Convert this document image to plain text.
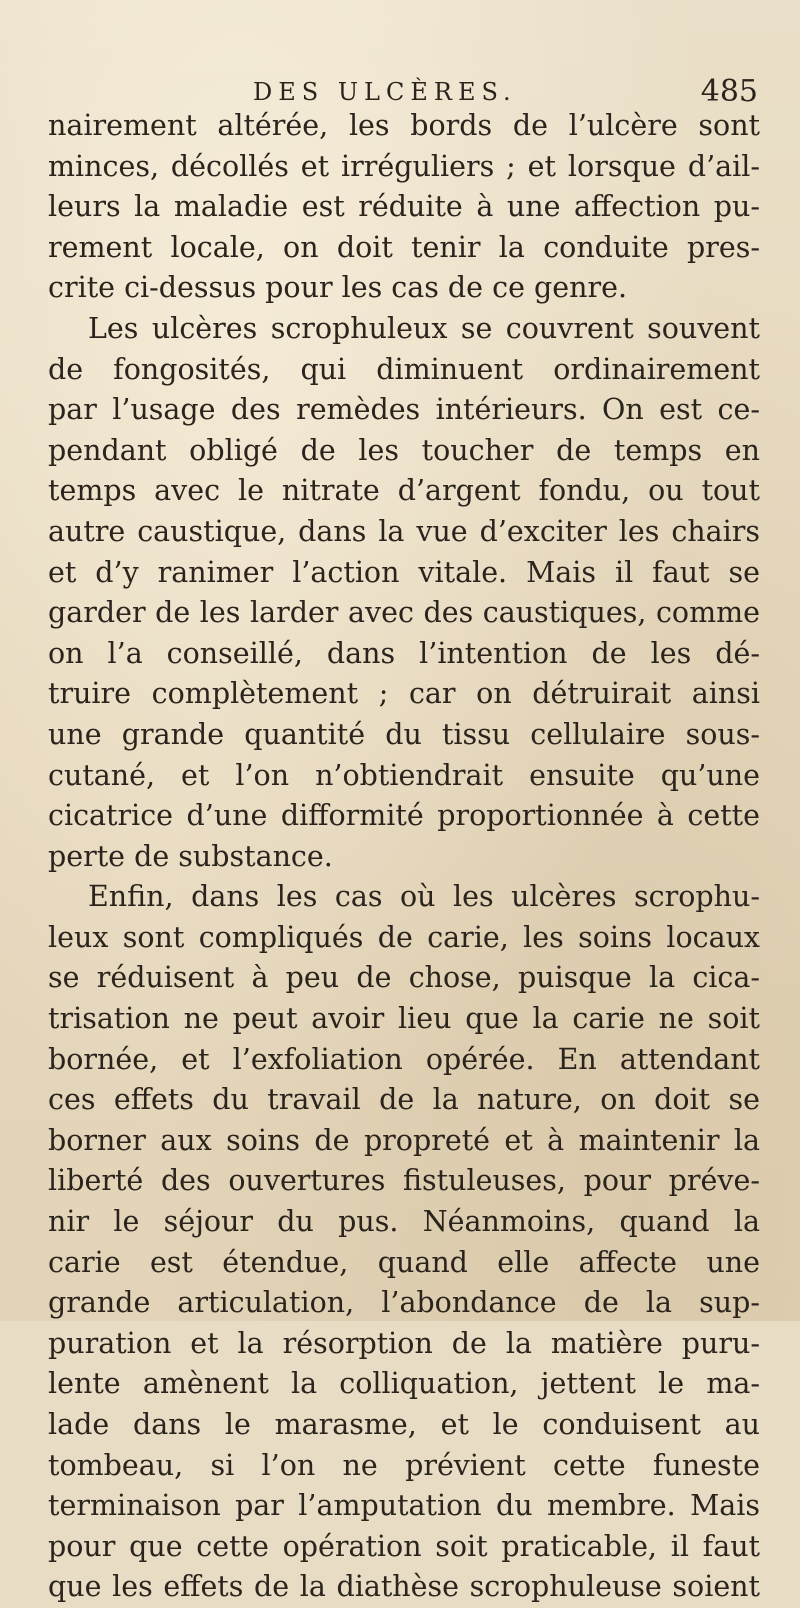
DES ULCÈRES.	485
nairement altérée, les bords de l’ulcère sont
minces, décollés et irréguliers ; et lorsque d’ail-
leurs la maladie est réduite à une affection pu-
rement locale, on doit tenir la conduite pres-
crite ci-dessus pour les cas de ce genre.
Les ulcères scrophuleux se couvrent souvent
de fongosités, qui diminuent ordinairement
par l’usage des remèdes intérieurs. On est ce-
pendant obligé de les toucher de temps en
temps avec le nitrate d’argent fondu, ou tout
autre caustique, dans la vue d’exciter les chairs
et d’y ranimer l’action vitale. Mais il faut se
garder de les larder avec des caustiques, comme
on l’a conseillé, dans l’intention de les dé-
truire complètement ; car on détruirait ainsi
une grande quantité du tissu cellulaire sous-
cutané, et l’on n’obtiendrait ensuite qu’une
cicatrice d’une difformité proportionnée à cette
perte de substance.
Enfin, dans les cas où les ulcères scrophu-
leux sont compliqués de carie, les soins locaux
se réduisent à peu de chose, puisque la cica-
trisation ne peut avoir lieu que la carie ne soit
bornée, et l’exfoliation opérée. En attendant
ces effets du travail de la nature, on doit se
borner aux soins de propreté et à maintenir la
liberté des ouvertures fistuleuses, pour préve-
nir le séjour du pus. Néanmoins, quand la
carie est étendue, quand elle affecte une
grande articulation, l’abondance de la sup-
puration et la résorption de la matière puru-
lente amènent la colliquation, jettent le ma-
lade dans le marasme, et le conduisent au
tombeau, si l’on ne prévient cette funeste
terminaison par l’amputation du membre. Mais
pour que cette opération soit praticable, il faut
que les effets de la diathèse scrophuleuse soient
